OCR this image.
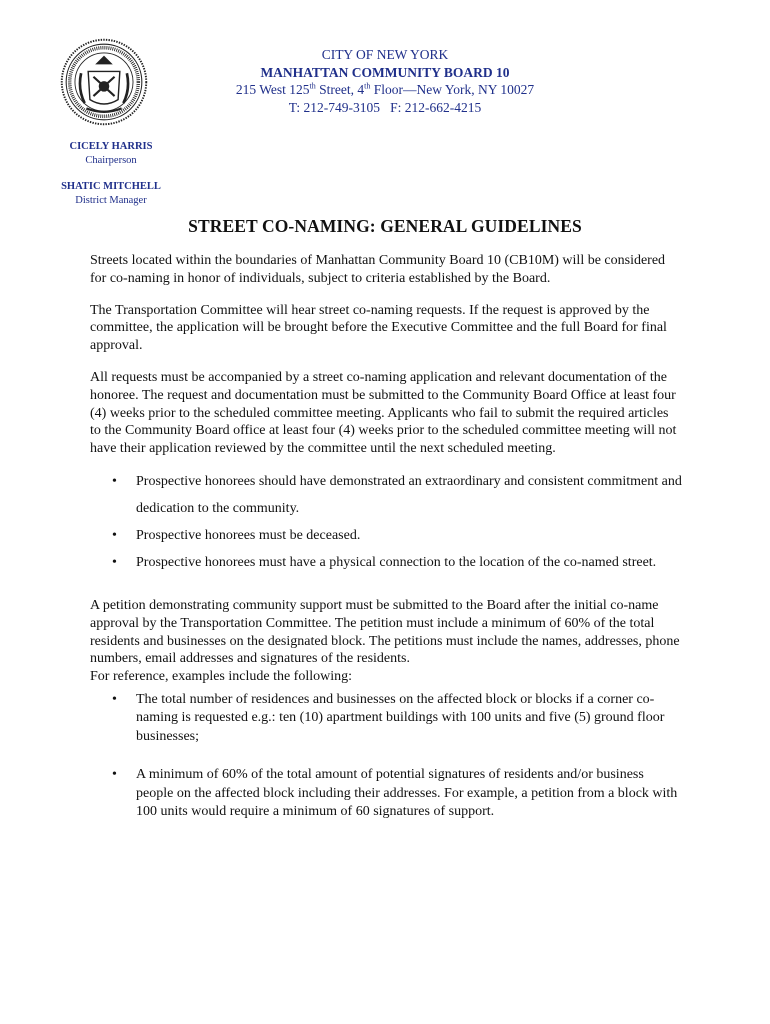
CITY OF NEW YORK
MANHATTAN COMMUNITY BOARD 10
215 West 125th Street, 4th Floor—New York, NY 10027
T: 212-749-3105   F: 212-662-4215
CICELY HARRIS
Chairperson
SHATIC MITCHELL
District Manager
STREET CO-NAMING: GENERAL GUIDELINES

Streets located within the boundaries of Manhattan Community Board 10 (CB10M) will be considered for co-naming in honor of individuals, subject to criteria established by the Board.

The Transportation Committee will hear street co-naming requests. If the request is approved by the committee, the application will be brought before the Executive Committee and the full Board for final approval.

All requests must be accompanied by a street co-naming application and relevant documentation of the honoree. The request and documentation must be submitted to the Community Board Office at least four (4) weeks prior to the scheduled committee meeting. Applicants who fail to submit the required articles to the Community Board office at least four (4) weeks prior to the scheduled committee meeting will not have their application reviewed by the committee until the next scheduled meeting.

• Prospective honorees should have demonstrated an extraordinary and consistent commitment and dedication to the community.
• Prospective honorees must be deceased.
• Prospective honorees must have a physical connection to the location of the co-named street.

A petition demonstrating community support must be submitted to the Board after the initial co-name approval by the Transportation Committee. The petition must include a minimum of 60% of the total residents and businesses on the designated block. The petitions must include the names, addresses, phone numbers, email addresses and signatures of the residents.

For reference, examples include the following:

• The total number of residences and businesses on the affected block or blocks if a corner co-naming is requested e.g.: ten (10) apartment buildings with 100 units and five (5) ground floor businesses;
• A minimum of 60% of the total amount of potential signatures of residents and/or business people on the affected block including their addresses. For example, a petition from a block with 100 units would require a minimum of 60 signatures of support.
